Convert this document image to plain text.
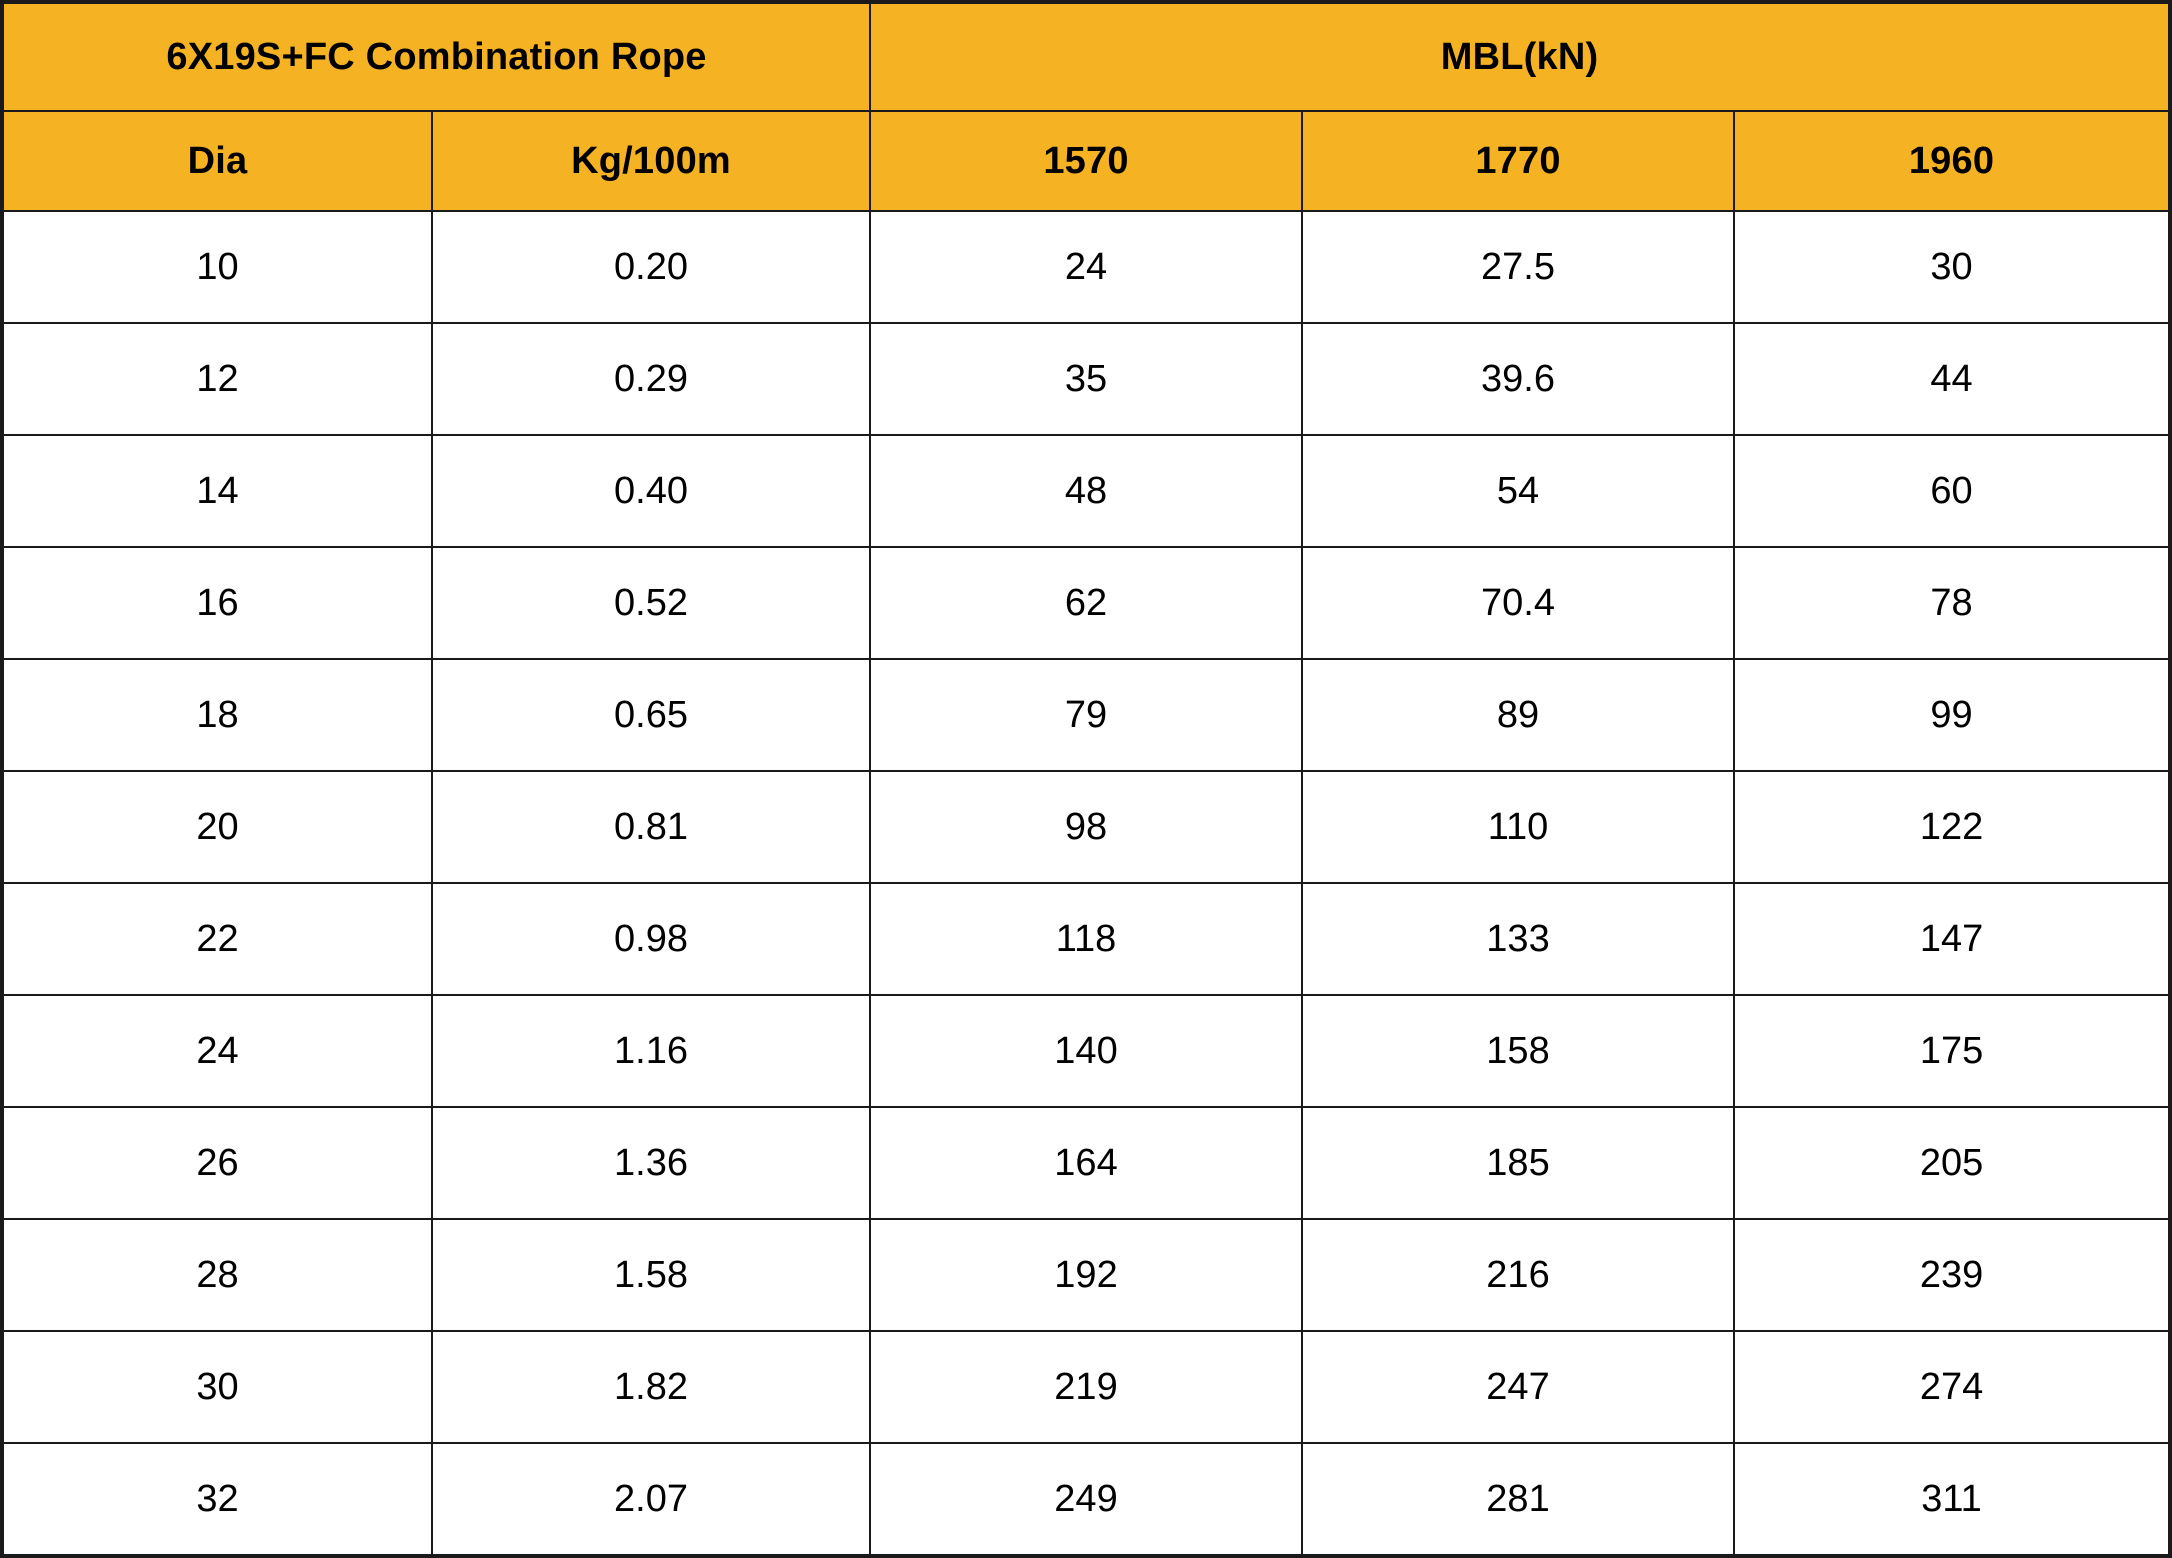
6X19S+FC Combination Rope		MBL(kN)		
Dia	Kg/100m	1570	1770	1960
10	0.20	24	27.5	30
12	0.29	35	39.6	44
14	0.40	48	54	60
16	0.52	62	70.4	78
18	0.65	79	89	99
20	0.81	98	110	122
22	0.98	118	133	147
24	1.16	140	158	175
26	1.36	164	185	205
28	1.58	192	216	239
30	1.82	219	247	274
32	2.07	249	281	311
